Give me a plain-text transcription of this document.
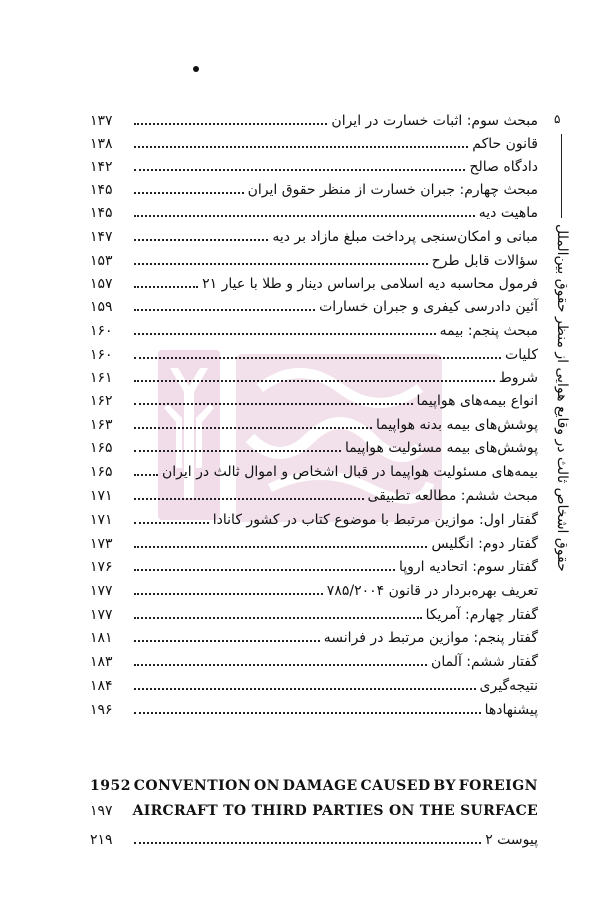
۵
حقوق اشخاص ثالث در وقایع هوایی از منظر حقوق بین‌الملل
مبحث سوم: اثبات خسارت در ایران
۱۳۷
قانون حاکم
۱۳۸
دادگاه صالح
۱۴۲
مبحث چهارم: جبران خسارت از منظر حقوق ایران
۱۴۵
ماهیت دیه
۱۴۵
مبانی و امکان‌سنجی پرداخت مبلغ مازاد بر دیه
۱۴۷
سؤالات قابل طرح
۱۵۳
فرمول محاسبه دیه اسلامی براساس دینار و طلا با عیار ۲۱
۱۵۷
آئین دادرسی کیفری و جبران خسارات
۱۵۹
مبحث پنجم: بیمه
۱۶۰
کلیات
۱۶۰
شروط
۱۶۱
انواع بیمه‌های هواپیما
۱۶۲
پوشش‌های بیمه بدنه هواپیما
۱۶۳
پوشش‌های بیمه مسئولیت هواپیما
۱۶۵
بیمه‌های مسئولیت هواپیما در قبال اشخاص و اموال ثالث در ایران
۱۶۵
مبحث ششم: مطالعه تطبیقی
۱۷۱
گفتار اول: موازین مرتبط با موضوع کتاب در کشور کانادا
۱۷۱
گفتار دوم: انگلیس
۱۷۳
گفتار سوم: اتحادیه اروپا
۱۷۶
تعریف بهره‌بردار در قانون ۷۸۵/۲۰۰۴
۱۷۷
گفتار چهارم: آمریکا
۱۷۷
گفتار پنجم: موازین مرتبط در فرانسه
۱۸۱
گفتار ششم: آلمان
۱۸۳
نتیجه‌گیری
۱۸۴
پیشنهادها
۱۹۶
1952 CONVENTION ON DAMAGE CAUSED BY FOREIGN
۱۹۷	AIRCRAFT TO THIRD PARTIES ON THE SURFACE
پیوست ۲
۲۱۹
